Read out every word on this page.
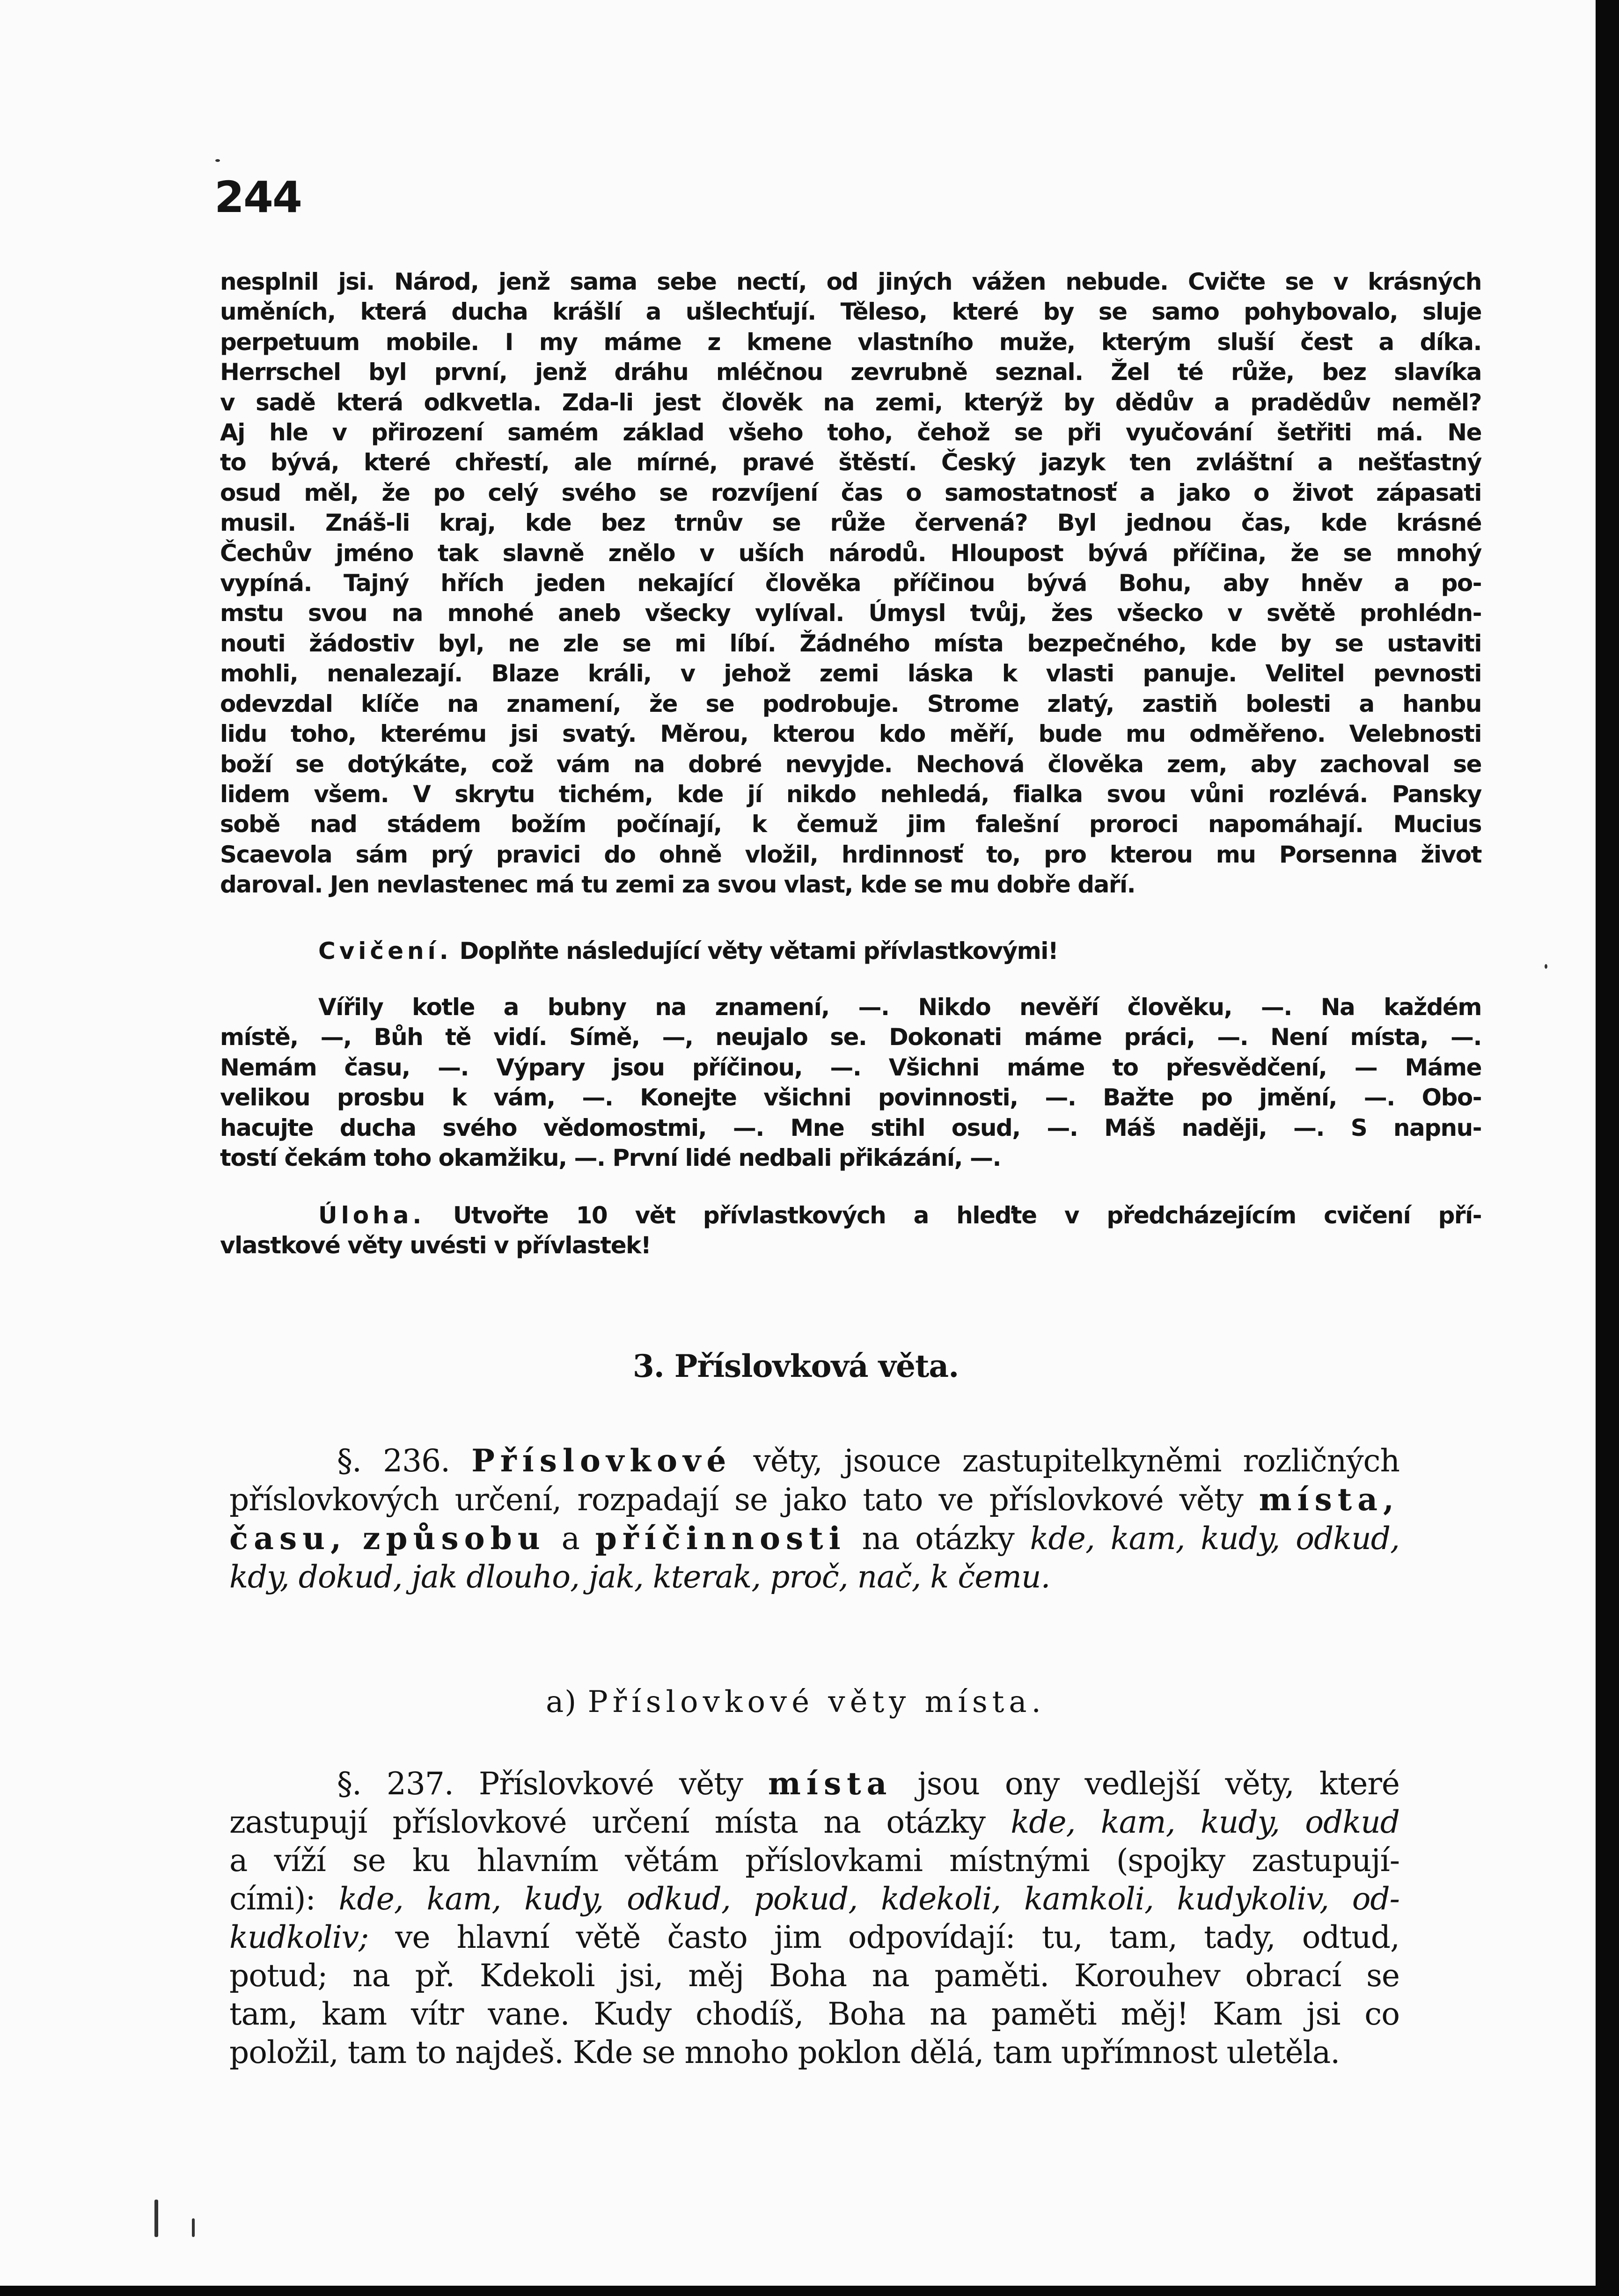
244
nesplnil jsi. Národ, jenž sama sebe nectí, od jiných vážen nebude. Cvičte se v krásných
uměních, která ducha krášlí a ušlechťují. Těleso, které by se samo pohybovalo, sluje
perpetuum mobile. I my máme z kmene vlastního muže, kterým sluší čest a díka.
Herrschel byl první, jenž dráhu mléčnou zevrubně seznal. Žel té růže, bez slavíka
v sadě která odkvetla. Zda-li jest člověk na zemi, kterýž by dědův a pradědův neměl?
Aj hle v přirození samém základ všeho toho, čehož se při vyučování šetřiti má. Ne
to bývá, které chřestí, ale mírné, pravé štěstí. Český jazyk ten zvláštní a nešťastný
osud měl, že po celý svého se rozvíjení čas o samostatnosť a jako o život zápasati
musil. Znáš-li kraj, kde bez trnův se růže červená? Byl jednou čas, kde krásné
Čechův jméno tak slavně znělo v uších národů. Hloupost bývá příčina, že se mnohý
vypíná. Tajný hřích jeden nekající člověka příčinou bývá Bohu, aby hněv a po-
mstu svou na mnohé aneb všecky vylíval. Úmysl tvůj, žes všecko v světě prohlédn-
nouti žádostiv byl, ne zle se mi líbí. Žádného místa bezpečného, kde by se ustaviti
mohli, nenalezají. Blaze králi, v jehož zemi láska k vlasti panuje. Velitel pevnosti
odevzdal klíče na znamení, že se podrobuje. Strome zlatý, zastiň bolesti a hanbu
lidu toho, kterému jsi svatý. Měrou, kterou kdo měří, bude mu odměřeno. Velebnosti
boží se dotýkáte, což vám na dobré nevyjde. Nechová člověka zem, aby zachoval se
lidem všem. V skrytu tichém, kde jí nikdo nehledá, fialka svou vůni rozlévá. Pansky
sobě nad stádem božím počínají, k čemuž jim falešní proroci napomáhají. Mucius
Scaevola sám prý pravici do ohně vložil, hrdinnosť to, pro kterou mu Porsenna život
daroval. Jen nevlastenec má tu zemi za svou vlast, kde se mu dobře daří.
Cvičení. Doplňte následující věty větami přívlastkovými!
Vířily kotle a bubny na znamení, —. Nikdo nevěří člověku, —. Na každém
místě, —, Bůh tě vidí. Símě, —, neujalo se. Dokonati máme práci, —. Není místa, —.
Nemám času, —. Výpary jsou příčinou, —. Všichni máme to přesvědčení, — Máme
velikou prosbu k vám, —. Konejte všichni povinnosti, —. Bažte po jmění, —. Obo-
hacujte ducha svého vědomostmi, —. Mne stihl osud, —. Máš naději, —. S napnu-
tostí čekám toho okamžiku, —. První lidé nedbali přikázání, —.
Úloha. Utvořte 10 vět přívlastkových a hleďte v předcházejícím cvičení pří-
vlastkové věty uvésti v přívlastek!
3. Příslovková věta.
§. 236. Příslovkové věty, jsouce zastupitelkyněmi rozličných
příslovkových určení, rozpadají se jako tato ve příslovkové věty místa,
času, způsobu a příčinnosti na otázky kde, kam, kudy, odkud,
kdy, dokud, jak dlouho, jak, kterak, proč, nač, k čemu.
a) Příslovkové věty místa.
§. 237. Příslovkové věty místa jsou ony vedlejší věty, které
zastupují příslovkové určení místa na otázky kde, kam, kudy, odkud
a víží se ku hlavním větám příslovkami místnými (spojky zastupují-
cími): kde, kam, kudy, odkud, pokud, kdekoli, kamkoli, kudykoliv, od-
kudkoliv; ve hlavní větě často jim odpovídají: tu, tam, tady, odtud,
potud; na př. Kdekoli jsi, měj Boha na paměti. Korouhev obrací se
tam, kam vítr vane. Kudy chodíš, Boha na paměti měj! Kam jsi co
položil, tam to najdeš. Kde se mnoho poklon dělá, tam upřímnost uletěla.
